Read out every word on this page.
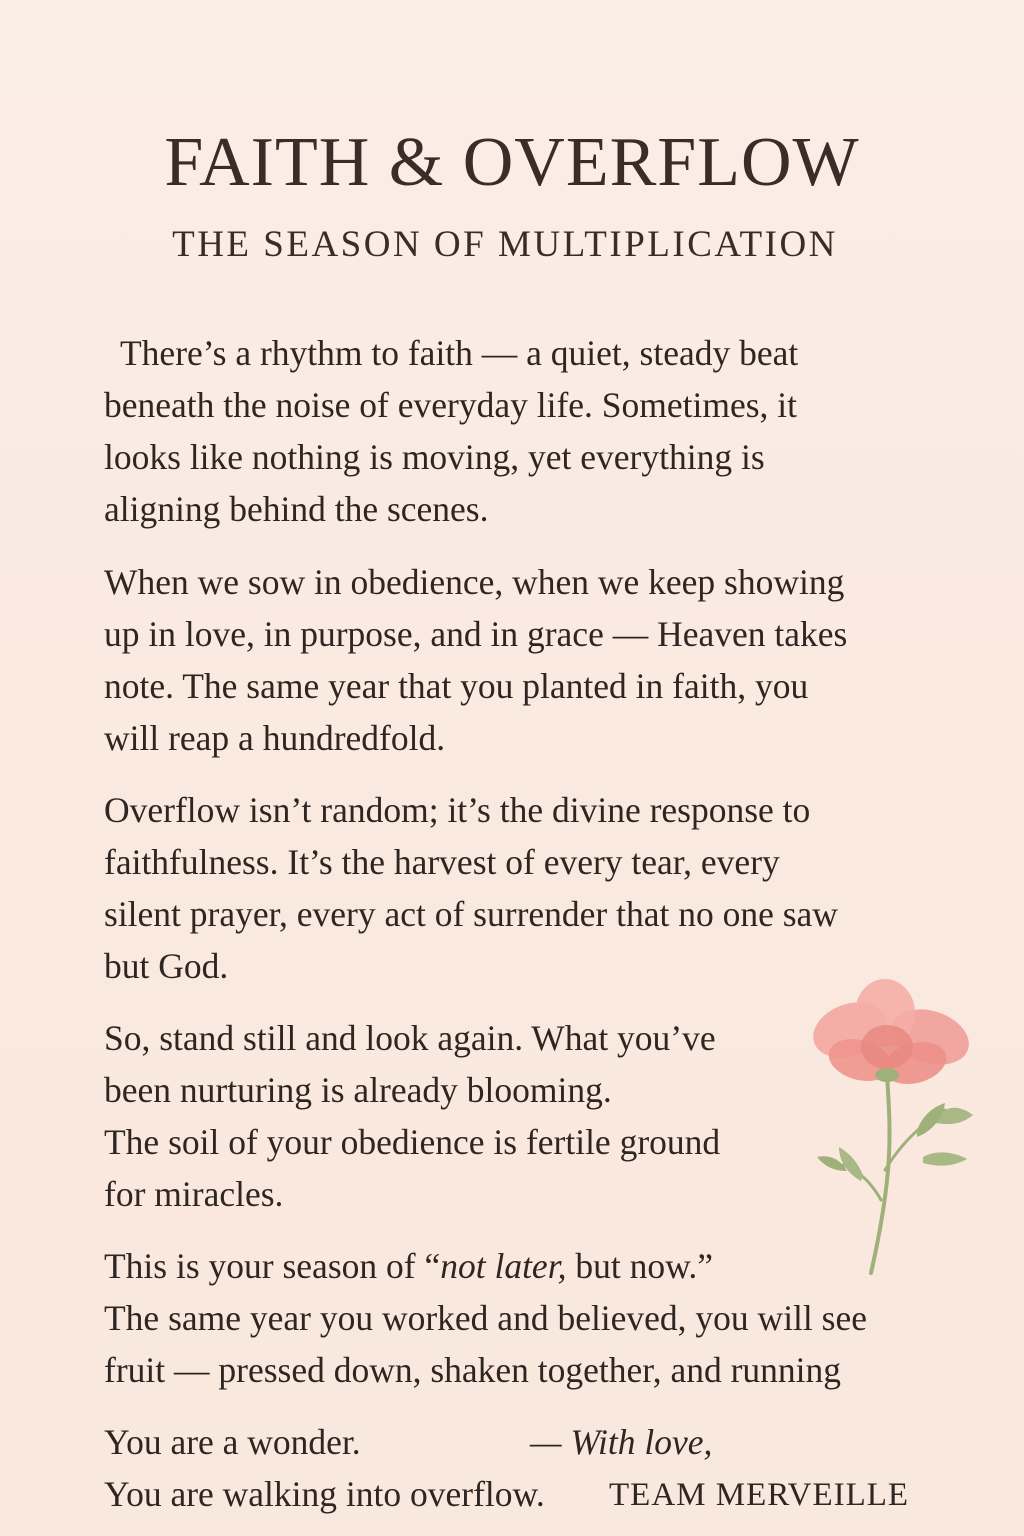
FAITH & OVERFLOW
THE SEASON OF MULTIPLICATION
There’s a rhythm to faith — a quiet, steady beat
beneath the noise of everyday life. Sometimes, it
looks like nothing is moving, yet everything is
aligning behind the scenes.
When we sow in obedience, when we keep showing
up in love, in purpose, and in grace — Heaven takes
note. The same year that you planted in faith, you
will reap a hundredfold.
Overflow isn’t random; it’s the divine response to
faithfulness. It’s the harvest of every tear, every
silent prayer, every act of surrender that no one saw
but God.
So, stand still and look again. What you’ve
been nurturing is already blooming.
The soil of your obedience is fertile ground
for miracles.
This is your season of “not later, but now.”
The same year you worked and believed, you will see
fruit — pressed down, shaken together, and running
You are a wonder.	— With love,
You are walking into overflow. TEAM MERVEILLE
